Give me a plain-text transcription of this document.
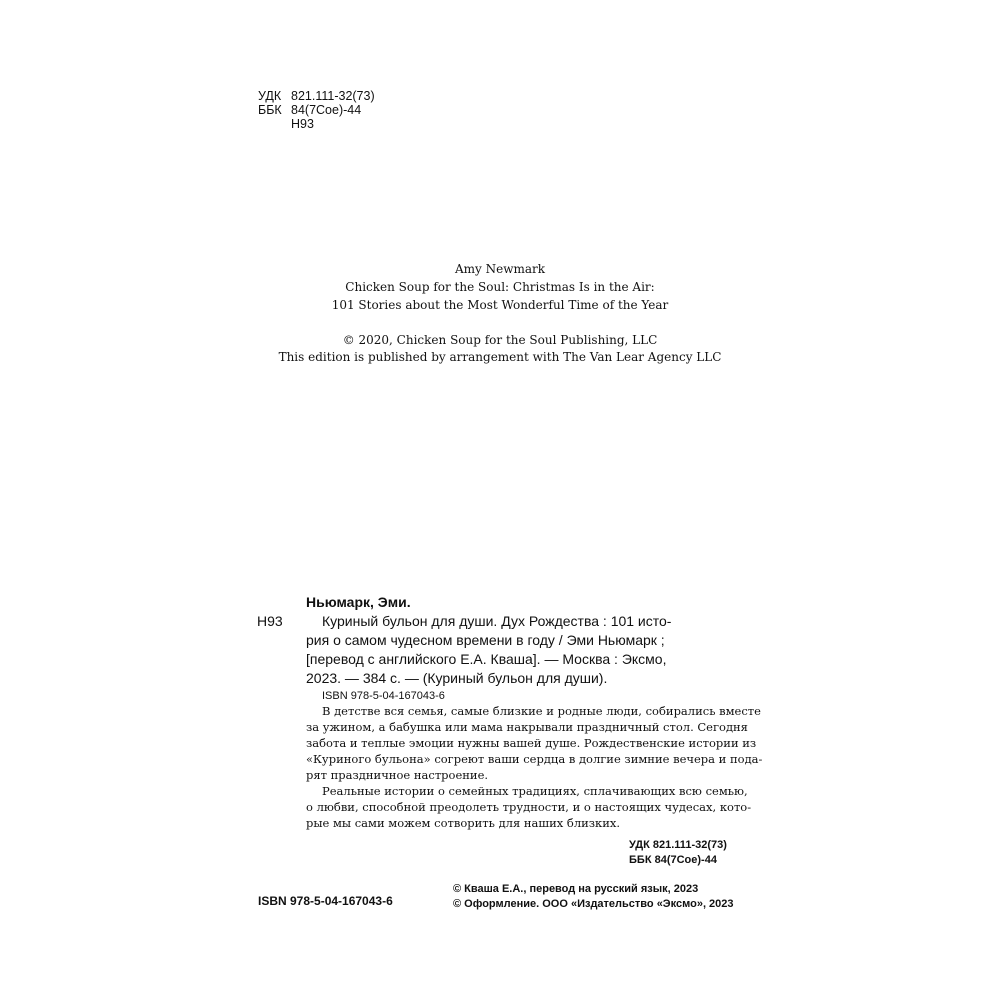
УДК 821.111-32(73)
ББК 84(7Сое)-44
Н93
Amy Newmark
Chicken Soup for the Soul: Christmas Is in the Air:
101 Stories about the Most Wonderful Time of the Year
© 2020, Chicken Soup for the Soul Publishing, LLC
This edition is published by arrangement with The Van Lear Agency LLC
Ньюмарк, Эми.
Н93	Куриный бульон для души. Дух Рождества : 101 исто-
рия о самом чудесном времени в году / Эми Ньюмарк ;
[перевод с английского Е.А. Кваша]. — Москва : Эксмо,
2023. — 384 с. — (Куриный бульон для души).
ISBN 978-5-04-167043-6
В детстве вся семья, самые близкие и родные люди, собирались вместе
за ужином, а бабушка или мама накрывали праздничный стол. Сегодня
забота и теплые эмоции нужны вашей душе. Рождественские истории из
«Куриного бульона» согреют ваши сердца в долгие зимние вечера и пода-
рят праздничное настроение.
Реальные истории о семейных традициях, сплачивающих всю семью,
о любви, способной преодолеть трудности, и о настоящих чудесах, кото-
рые мы сами можем сотворить для наших близких.
УДК 821.111-32(73)
ББК 84(7Сое)-44
ISBN 978-5-04-167043-6
© Кваша Е.А., перевод на русский язык, 2023
© Оформление. ООО «Издательство «Эксмо», 2023
